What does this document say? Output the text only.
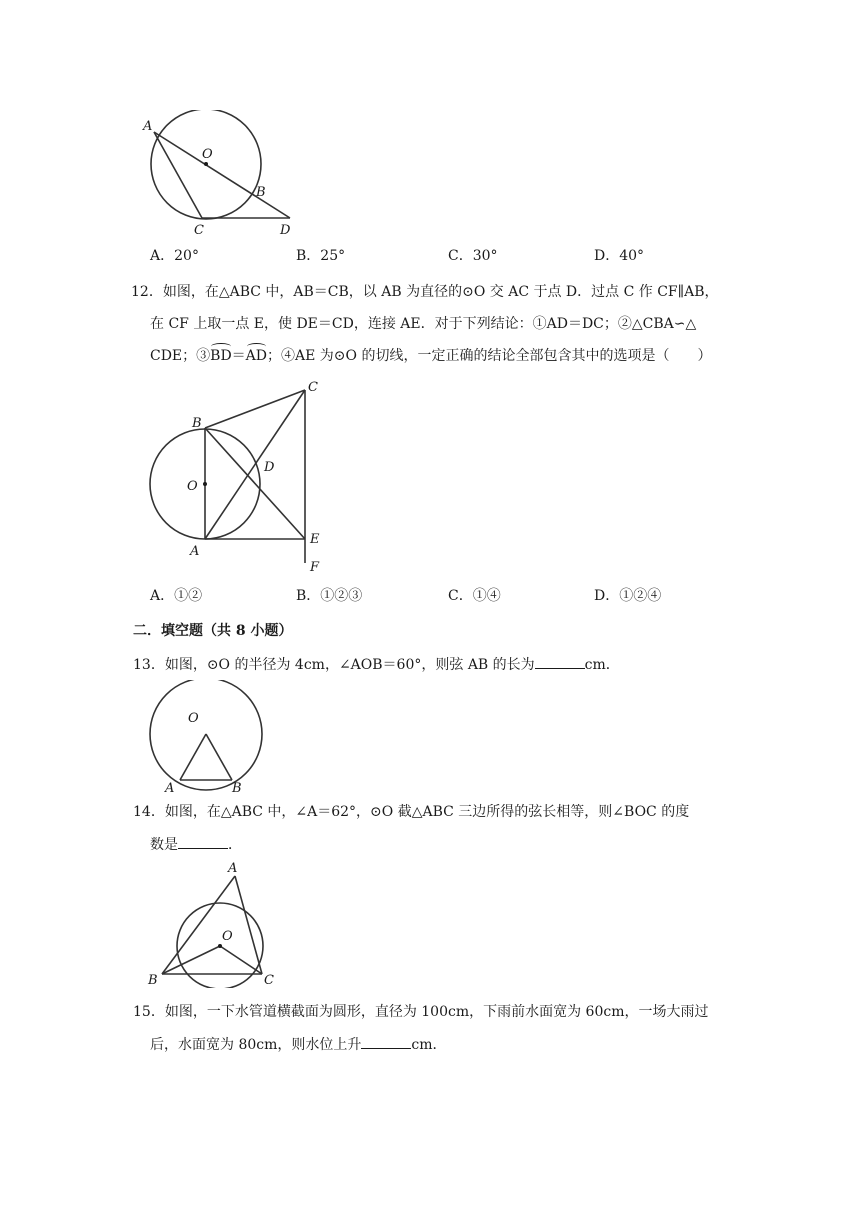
A
O
B
C	D
A．20°	B．25°	C．30°	D．40°
12．如图，在△ABC 中，AB＝CB，以 AB 为直径的⊙O 交 AC 于点 D．过点 C 作 CF∥AB，
在 CF 上取一点 E，使 DE＝CD，连接 AE．对于下列结论：①AD＝DC；②△CBA∽△
CDE；③BD＝AD；④AE 为⊙O 的切线，一定正确的结论全部包含其中的选项是（　　）
B
C
O
D
A
E
F
A．①②	B．①②③	C．①④	D．①②④
二．填空题（共 8 小题）
13．如图，⊙O 的半径为 4cm，∠AOB＝60°，则弦 AB 的长为	cm．
O
A	B
14．如图，在△ABC 中，∠A＝62°，⊙O 截△ABC 三边所得的弦长相等，则∠BOC 的度
数是	．
A
O
B	C
15．如图，一下水管道横截面为圆形，直径为 100cm，下雨前水面宽为 60cm，一场大雨过
后，水面宽为 80cm，则水位上升	cm．
